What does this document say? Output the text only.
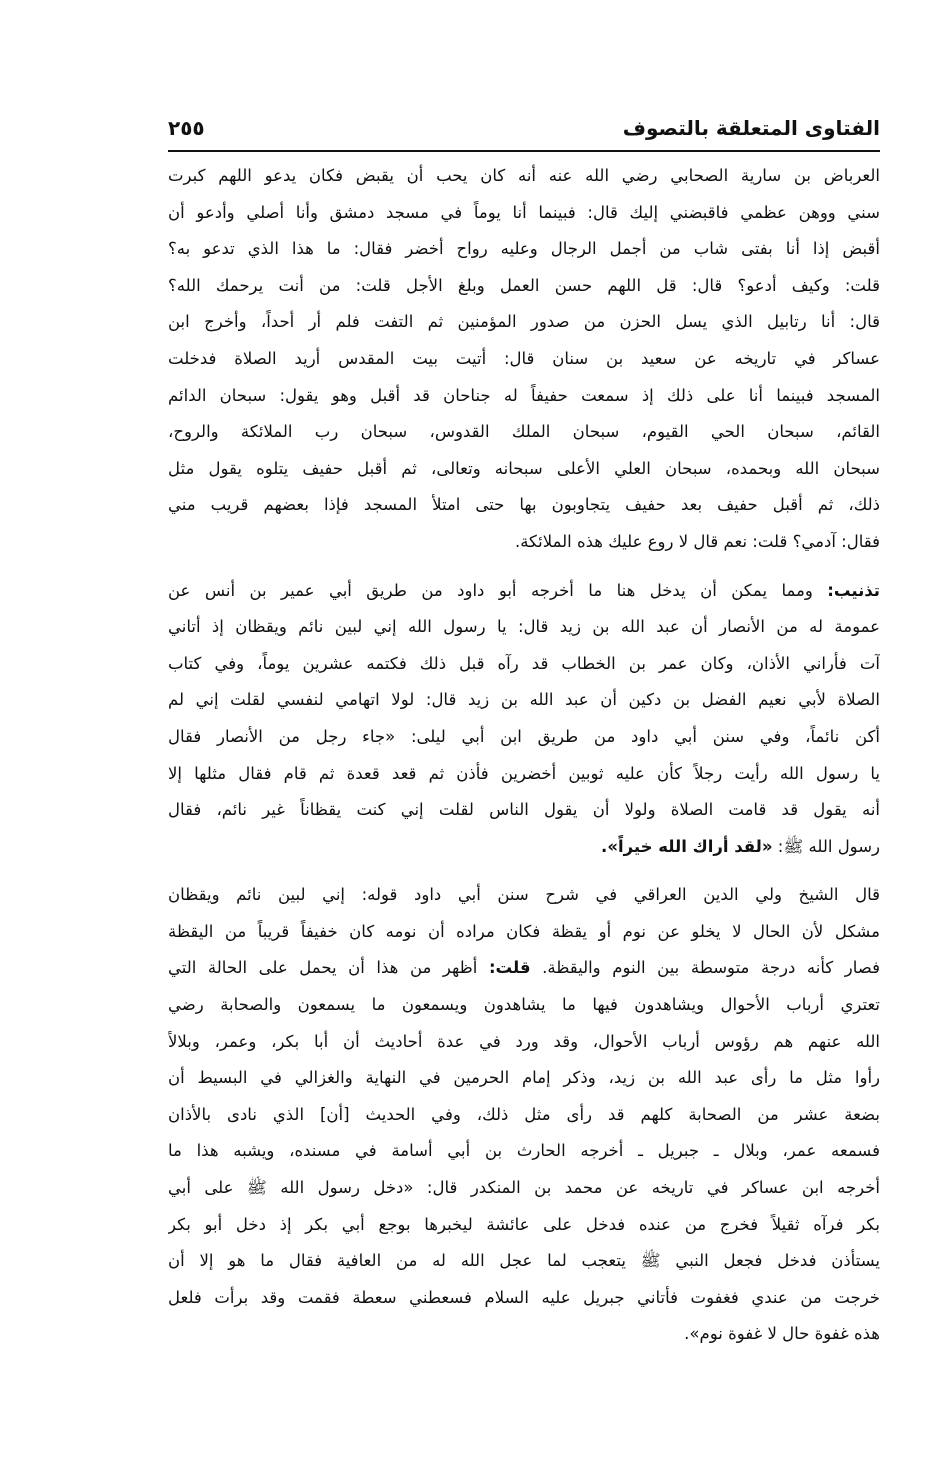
الفتاوى المتعلقة بالتصوف
٢٥٥
العرباض بن سارية الصحابي رضي الله عنه أنه كان يحب أن يقبض فكان يدعو اللهم كبرت
سني ووهن عظمي فاقبضني إليك قال: فبينما أنا يوماً في مسجد دمشق وأنا أصلي وأدعو أن
أقبض إذا أنا بفتى شاب من أجمل الرجال وعليه رواح أخضر فقال: ما هذا الذي تدعو به؟
قلت: وكيف أدعو؟ قال: قل اللهم حسن العمل وبلغ الأجل قلت: من أنت يرحمك الله؟
قال: أنا رتابيل الذي يسل الحزن من صدور المؤمنين ثم التفت فلم أر أحداً، وأخرج ابن
عساكر في تاريخه عن سعيد بن سنان قال: أتيت بيت المقدس أريد الصلاة فدخلت
المسجد فبينما أنا على ذلك إذ سمعت حفيفاً له جناحان قد أقبل وهو يقول: سبحان الدائم
القائم، سبحان الحي القيوم، سبحان الملك القدوس، سبحان رب الملائكة والروح،
سبحان الله وبحمده، سبحان العلي الأعلى سبحانه وتعالى، ثم أقبل حفيف يتلوه يقول مثل
ذلك، ثم أقبل حفيف بعد حفيف يتجاوبون بها حتى امتلأ المسجد فإذا بعضهم قريب مني
فقال: آدمي؟ قلت: نعم قال لا روع عليك هذه الملائكة.
تذنيب: ومما يمكن أن يدخل هنا ما أخرجه أبو داود من طريق أبي عمير بن أنس عن
عمومة له من الأنصار أن عبد الله بن زيد قال: يا رسول الله إني لبين نائم ويقظان إذ أتاني
آت فأراني الأذان، وكان عمر بن الخطاب قد رآه قبل ذلك فكتمه عشرين يوماً، وفي كتاب
الصلاة لأبي نعيم الفضل بن دكين أن عبد الله بن زيد قال: لولا اتهامي لنفسي لقلت إني لم
أكن نائماً، وفي سنن أبي داود من طريق ابن أبي ليلى: «جاء رجل من الأنصار فقال
يا رسول الله رأيت رجلاً كأن عليه ثوبين أخضرين فأذن ثم قعد قعدة ثم قام فقال مثلها إلا
أنه يقول قد قامت الصلاة ولولا أن يقول الناس لقلت إني كنت يقظاناً غير نائم، فقال
رسول الله ﷺ: «لقد أراك الله خيراً».
قال الشيخ ولي الدين العراقي في شرح سنن أبي داود قوله: إني لبين نائم ويقظان
مشكل لأن الحال لا يخلو عن نوم أو يقظة فكان مراده أن نومه كان خفيفاً قريباً من اليقظة
فصار كأنه درجة متوسطة بين النوم واليقظة. قلت: أظهر من هذا أن يحمل على الحالة التي
تعتري أرباب الأحوال ويشاهدون فيها ما يشاهدون ويسمعون ما يسمعون والصحابة رضي
الله عنهم هم رؤوس أرباب الأحوال، وقد ورد في عدة أحاديث أن أبا بكر، وعمر، وبلالاً
رأوا مثل ما رأى عبد الله بن زيد، وذكر إمام الحرمين في النهاية والغزالي في البسيط أن
بضعة عشر من الصحابة كلهم قد رأى مثل ذلك، وفي الحديث [أن] الذي نادى بالأذان
فسمعه عمر، وبلال ـ جبريل ـ أخرجه الحارث بن أبي أسامة في مسنده، ويشبه هذا ما
أخرجه ابن عساكر في تاريخه عن محمد بن المنكدر قال: «دخل رسول الله ﷺ على أبي
بكر فرآه ثقيلاً فخرج من عنده فدخل على عائشة ليخبرها بوجع أبي بكر إذ دخل أبو بكر
يستأذن فدخل فجعل النبي ﷺ يتعجب لما عجل الله له من العافية فقال ما هو إلا أن
خرجت من عندي فغفوت فأتاني جبريل عليه السلام فسعطني سعطة فقمت وقد برأت فلعل
هذه غفوة حال لا غفوة نوم».
